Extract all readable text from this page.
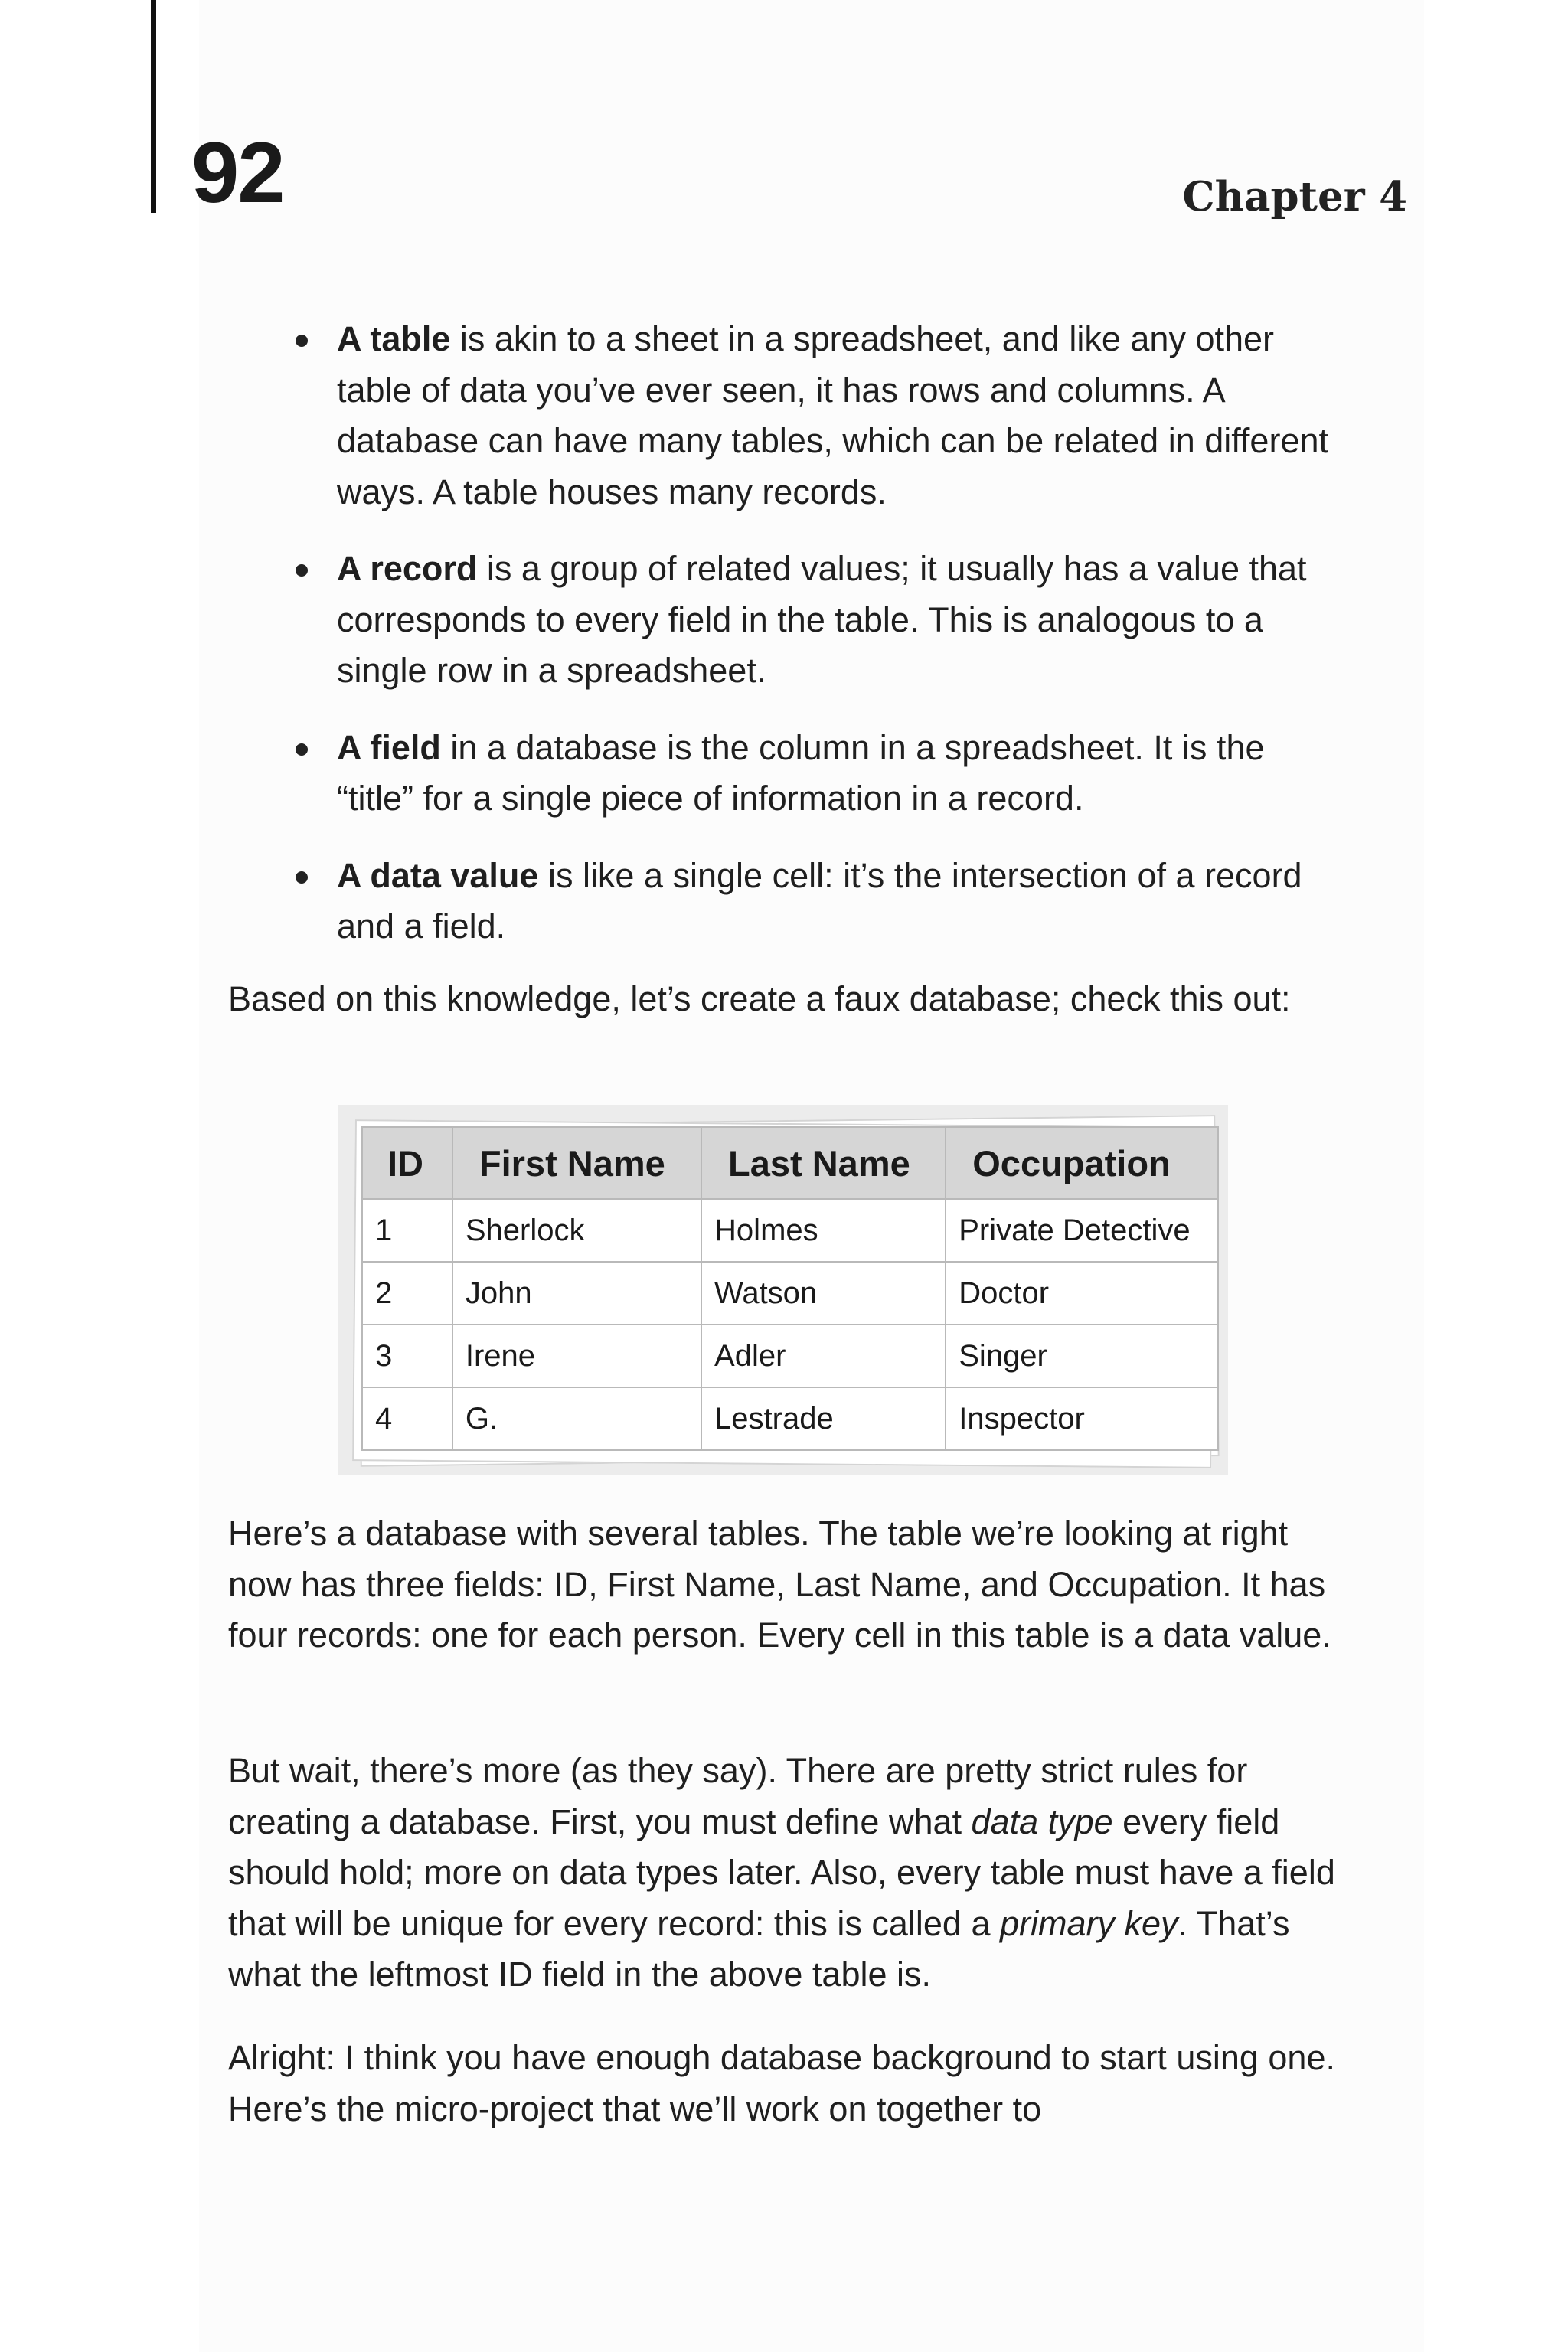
92	Chapter 4
A table is akin to a sheet in a spreadsheet, and like any other table of data you’ve ever seen, it has rows and columns. A database can have many tables, which can be related in different ways. A table houses many records.
A record is a group of related values; it usually has a value that corresponds to every field in the table. This is analogous to a single row in a spreadsheet.
A field in a database is the column in a spreadsheet. It is the “title” for a single piece of information in a record.
A data value is like a single cell: it’s the intersection of a record and a field.

Based on this knowledge, let’s create a faux database; check this out:

ID	First Name	Last Name	Occupation
1	Sherlock	Holmes	Private Detective
2	John	Watson	Doctor
3	Irene	Adler	Singer
4	G.	Lestrade	Inspector

Here’s a database with several tables. The table we’re looking at right now has three fields: ID, First Name, Last Name, and Occupation. It has four records: one for each person. Every cell in this table is a data value.

But wait, there’s more (as they say). There are pretty strict rules for creating a database. First, you must define what data type every field should hold; more on data types later. Also, every table must have a field that will be unique for every record: this is called a primary key. That’s what the leftmost ID field in the above table is.

Alright: I think you have enough database background to start using one. Here’s the micro-project that we’ll work on together to
